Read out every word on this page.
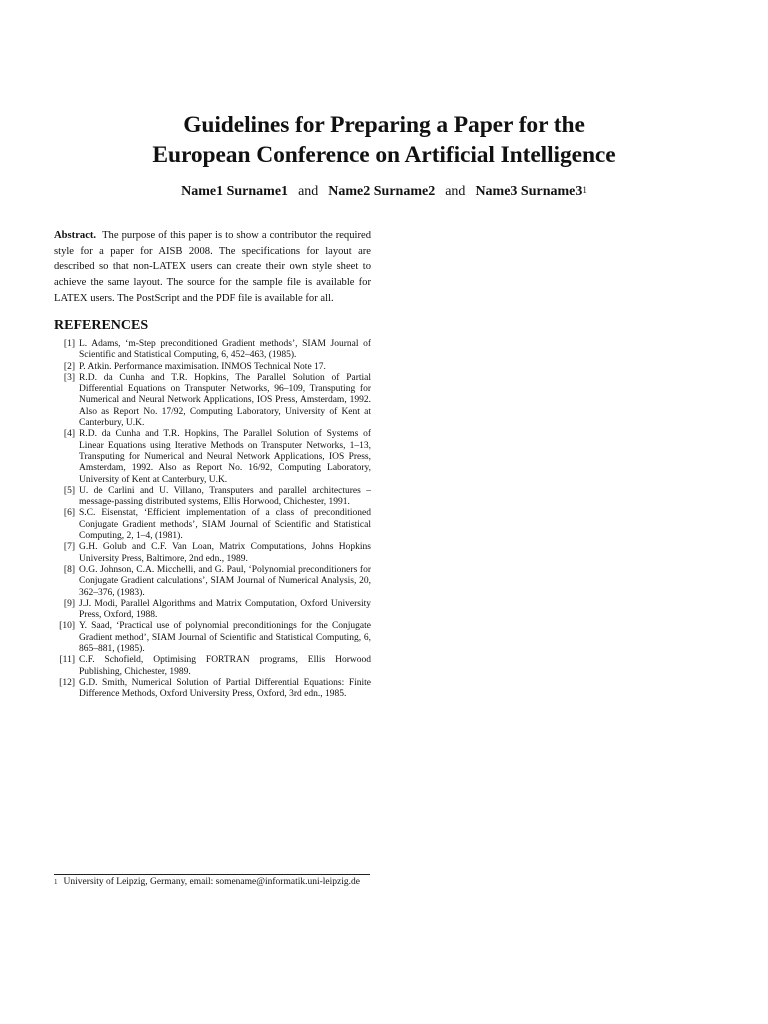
Guidelines for Preparing a Paper for the
European Conference on Artificial Intelligence
Name1 Surname1 and Name2 Surname2 and Name3 $Surname3^1$
Abstract. The purpose of this paper is to show a contributor the required style for a paper for AISB 2008. The specifications for layout are described so that non-LATEX users can create their own style sheet to achieve the same layout. The source for the sample file is available for LATEX users. The PostScript and the PDF file is available for all.
REFERENCES
[1] L. Adams, ‘m-Step preconditioned Gradient methods’, SIAM Journal of Scientific and Statistical Computing, 6, 452–463, (1985).
[2] P. Atkin. Performance maximisation. INMOS Technical Note 17.
[3] R.D. da Cunha and T.R. Hopkins, The Parallel Solution of Partial Differential Equations on Transputer Networks, 96–109, Transputing for Numerical and Neural Network Applications, IOS Press, Amsterdam, 1992. Also as Report No. 17/92, Computing Laboratory, University of Kent at Canterbury, U.K.
[4] R.D. da Cunha and T.R. Hopkins, The Parallel Solution of Systems of Linear Equations using Iterative Methods on Transputer Networks, 1–13, Transputing for Numerical and Neural Network Applications, IOS Press, Amsterdam, 1992. Also as Report No. 16/92, Computing Laboratory, University of Kent at Canterbury, U.K.
[5] U. de Carlini and U. Villano, Transputers and parallel architectures – message-passing distributed systems, Ellis Horwood, Chichester, 1991.
[6] S.C. Eisenstat, ‘Efficient implementation of a class of preconditioned Conjugate Gradient methods’, SIAM Journal of Scientific and Statistical Computing, 2, 1–4, (1981).
[7] G.H. Golub and C.F. Van Loan, Matrix Computations, Johns Hopkins University Press, Baltimore, 2nd edn., 1989.
[8] O.G. Johnson, C.A. Micchelli, and G. Paul, ‘Polynomial preconditioners for Conjugate Gradient calculations’, SIAM Journal of Numerical Analysis, 20, 362–376, (1983).
[9] J.J. Modi, Parallel Algorithms and Matrix Computation, Oxford University Press, Oxford, 1988.
[10] Y. Saad, ‘Practical use of polynomial preconditionings for the Conjugate Gradient method’, SIAM Journal of Scientific and Statistical Computing, 6, 865–881, (1985).
[11] C.F. Schofield, Optimising FORTRAN programs, Ellis Horwood Publishing, Chichester, 1989.
[12] G.D. Smith, Numerical Solution of Partial Differential Equations: Finite Difference Methods, Oxford University Press, Oxford, 3rd edn., 1985.
$^1$ University of Leipzig, Germany, email: somename@informatik.uni-leipzig.de
